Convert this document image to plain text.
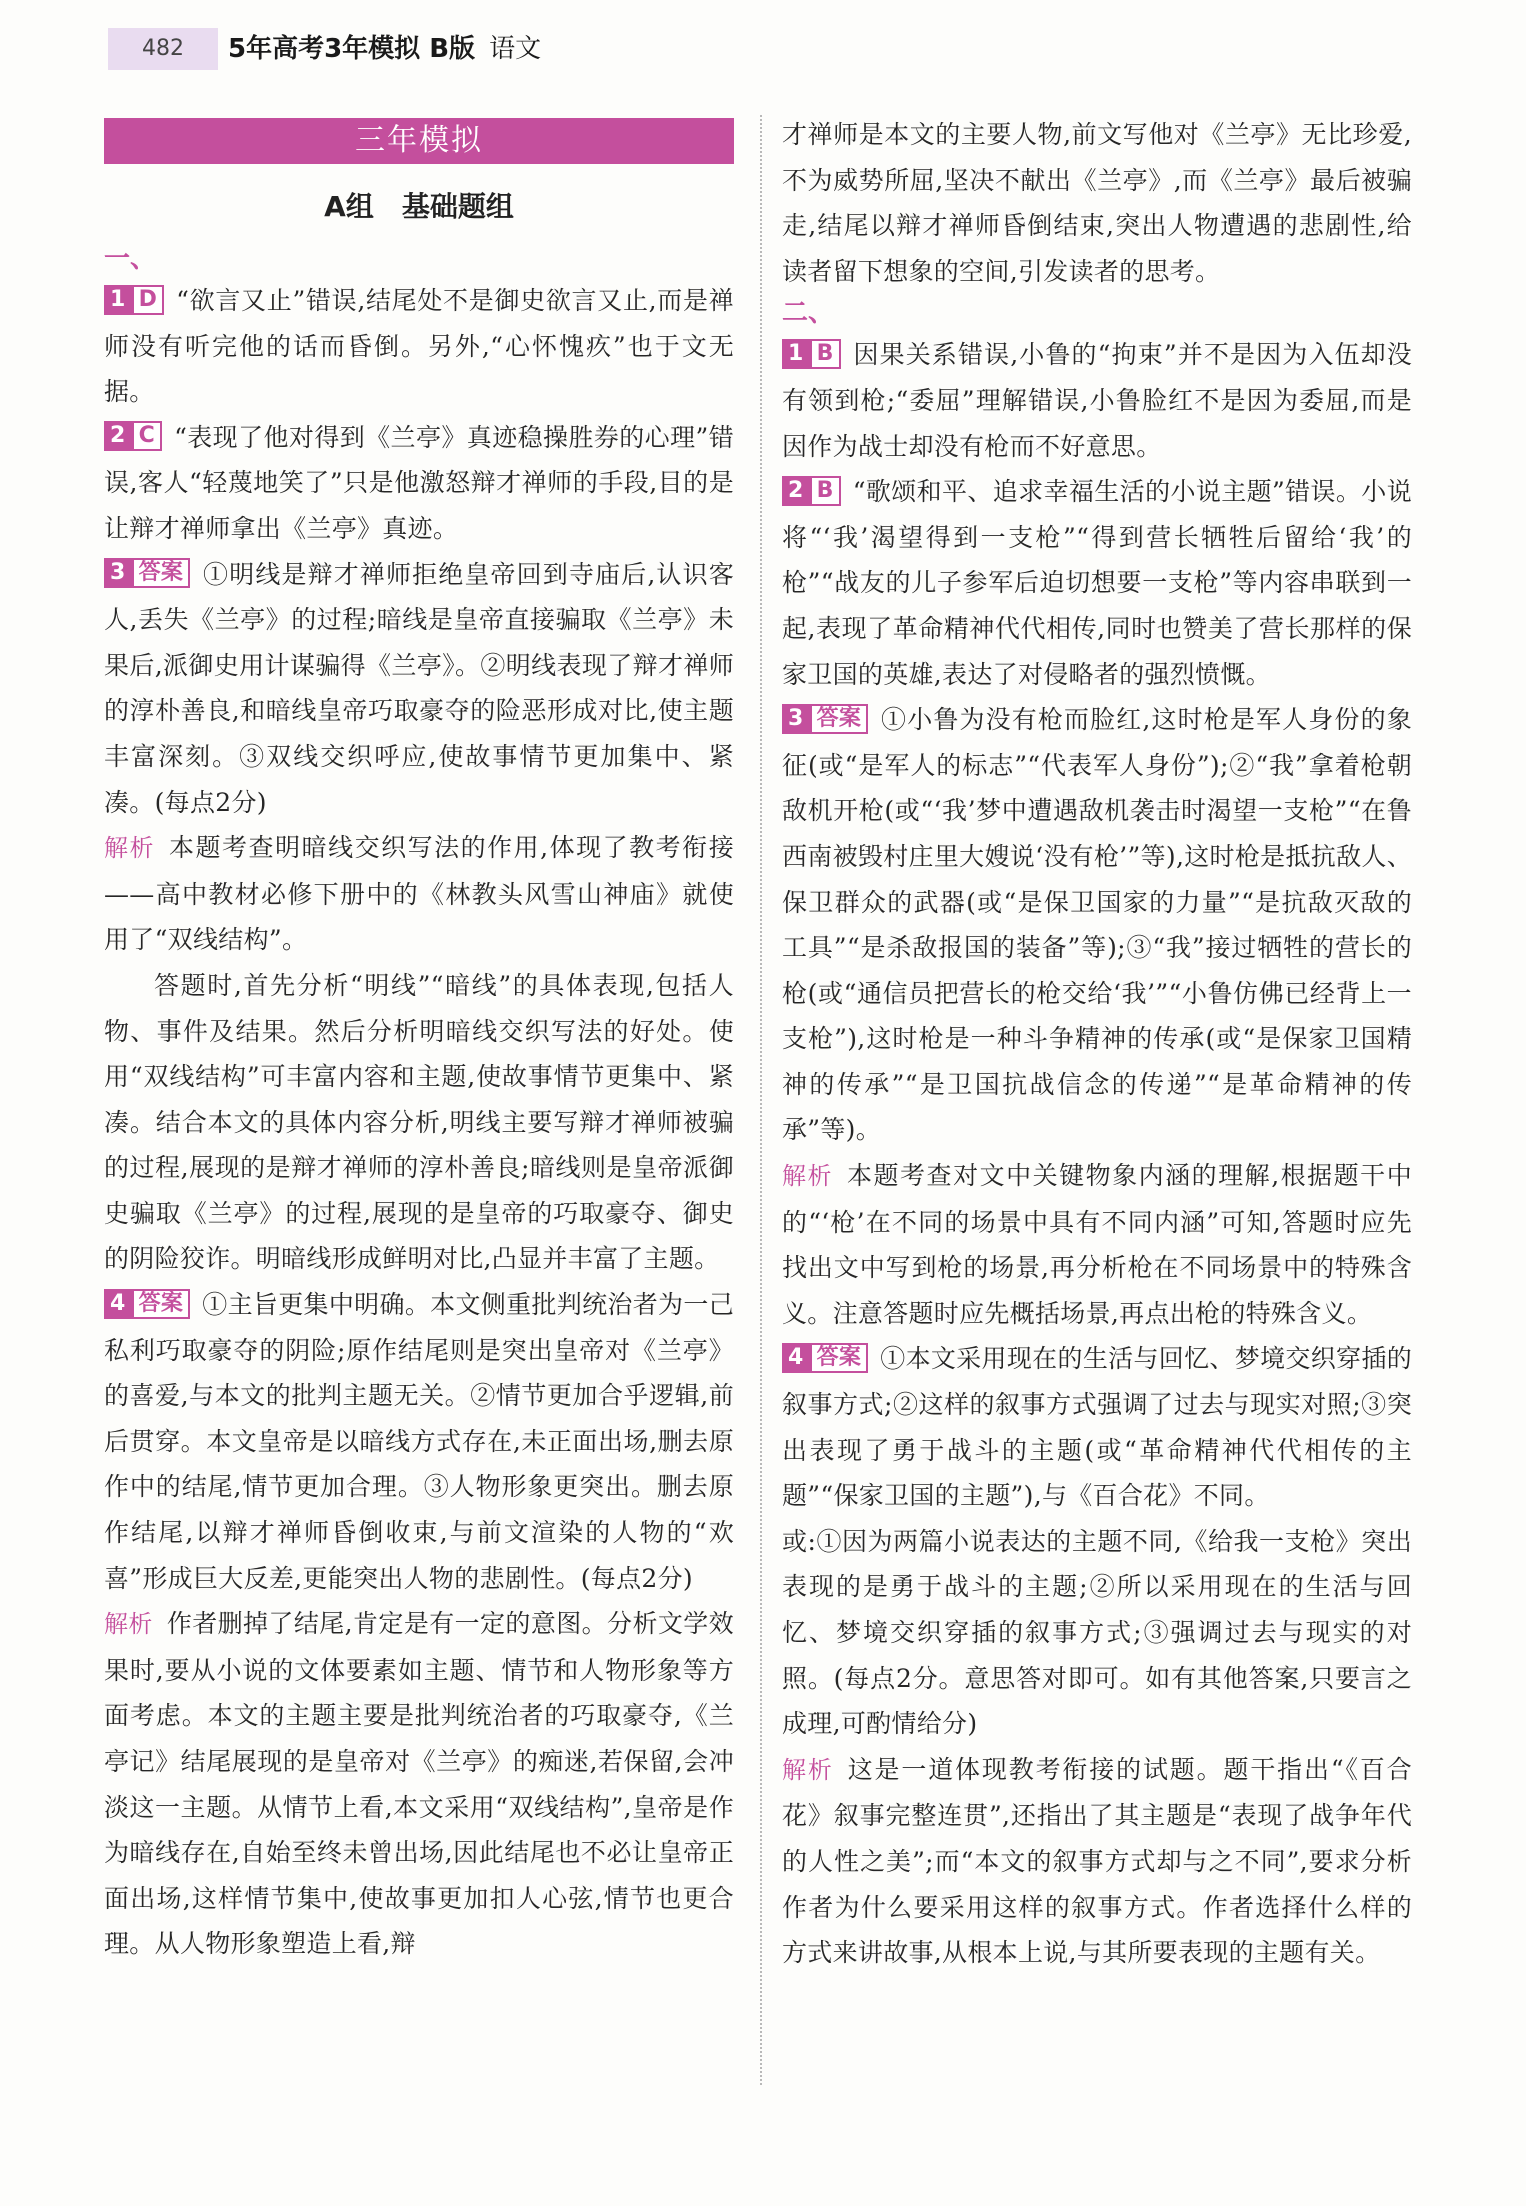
482	5年高考3年模拟 B版 语文
三年模拟
A组　基础题组
一、

1 D “欲言又止”错误,结尾处不是御史欲言又止,而是禅师没有听完他的话而昏倒。另外,“心怀愧疚”也于文无据。

2 C “表现了他对得到《兰亭》真迹稳操胜券的心理”错误,客人“轻蔑地笑了”只是他激怒辩才禅师的手段,目的是让辩才禅师拿出《兰亭》真迹。

3 答案 ①明线是辩才禅师拒绝皇帝回到寺庙后,认识客人,丢失《兰亭》的过程;暗线是皇帝直接骗取《兰亭》未果后,派御史用计谋骗得《兰亭》。②明线表现了辩才禅师的淳朴善良,和暗线皇帝巧取豪夺的险恶形成对比,使主题丰富深刻。③双线交织呼应,使故事情节更加集中、紧凑。(每点2分)

解析 本题考查明暗线交织写法的作用,体现了教考衔接——高中教材必修下册中的《林教头风雪山神庙》就使用了“双线结构”。

答题时,首先分析“明线”“暗线”的具体表现,包括人物、事件及结果。然后分析明暗线交织写法的好处。使用“双线结构”可丰富内容和主题,使故事情节更集中、紧凑。结合本文的具体内容分析,明线主要写辩才禅师被骗的过程,展现的是辩才禅师的淳朴善良;暗线则是皇帝派御史骗取《兰亭》的过程,展现的是皇帝的巧取豪夺、御史的阴险狡诈。明暗线形成鲜明对比,凸显并丰富了主题。

4 答案 ①主旨更集中明确。本文侧重批判统治者为一己私利巧取豪夺的阴险;原作结尾则是突出皇帝对《兰亭》的喜爱,与本文的批判主题无关。②情节更加合乎逻辑,前后贯穿。本文皇帝是以暗线方式存在,未正面出场,删去原作中的结尾,情节更加合理。③人物形象更突出。删去原作结尾,以辩才禅师昏倒收束,与前文渲染的人物的“欢喜”形成巨大反差,更能突出人物的悲剧性。(每点2分)

解析 作者删掉了结尾,肯定是有一定的意图。分析文学效果时,要从小说的文体要素如主题、情节和人物形象等方面考虑。本文的主题主要是批判统治者的巧取豪夺,《兰亭记》结尾展现的是皇帝对《兰亭》的痴迷,若保留,会冲淡这一主题。从情节上看,本文采用“双线结构”,皇帝是作为暗线存在,自始至终未曾出场,因此结尾也不必让皇帝正面出场,这样情节集中,使故事更加扣人心弦,情节也更合理。从人物形象塑造上看,辩

才禅师是本文的主要人物,前文写他对《兰亭》无比珍爱,不为威势所屈,坚决不献出《兰亭》,而《兰亭》最后被骗走,结尾以辩才禅师昏倒结束,突出人物遭遇的悲剧性,给读者留下想象的空间,引发读者的思考。

二、

1 B 因果关系错误,小鲁的“拘束”并不是因为入伍却没有领到枪;“委屈”理解错误,小鲁脸红不是因为委屈,而是因作为战士却没有枪而不好意思。

2 B “歌颂和平、追求幸福生活的小说主题”错误。小说将“‘我’渴望得到一支枪”“得到营长牺牲后留给‘我’的枪”“战友的儿子参军后迫切想要一支枪”等内容串联到一起,表现了革命精神代代相传,同时也赞美了营长那样的保家卫国的英雄,表达了对侵略者的强烈愤慨。

3 答案 ①小鲁为没有枪而脸红,这时枪是军人身份的象征(或“是军人的标志”“代表军人身份”);②“我”拿着枪朝敌机开枪(或“‘我’梦中遭遇敌机袭击时渴望一支枪”“在鲁西南被毁村庄里大嫂说‘没有枪’”等),这时枪是抵抗敌人、保卫群众的武器(或“是保卫国家的力量”“是抗敌灭敌的工具”“是杀敌报国的装备”等);③“我”接过牺牲的营长的枪(或“通信员把营长的枪交给‘我’”“小鲁仿佛已经背上一支枪”),这时枪是一种斗争精神的传承(或“是保家卫国精神的传承”“是卫国抗战信念的传递”“是革命精神的传承”等)。

解析 本题考查对文中关键物象内涵的理解,根据题干中的“‘枪’在不同的场景中具有不同内涵”可知,答题时应先找出文中写到枪的场景,再分析枪在不同场景中的特殊含义。注意答题时应先概括场景,再点出枪的特殊含义。

4 答案 ①本文采用现在的生活与回忆、梦境交织穿插的叙事方式;②这样的叙事方式强调了过去与现实对照;③突出表现了勇于战斗的主题(或“革命精神代代相传的主题”“保家卫国的主题”),与《百合花》不同。

或:①因为两篇小说表达的主题不同,《给我一支枪》突出表现的是勇于战斗的主题;②所以采用现在的生活与回忆、梦境交织穿插的叙事方式;③强调过去与现实的对照。(每点2分。意思答对即可。如有其他答案,只要言之成理,可酌情给分)

解析 这是一道体现教考衔接的试题。题干指出“《百合花》叙事完整连贯”,还指出了其主题是“表现了战争年代的人性之美”;而“本文的叙事方式却与之不同”,要求分析作者为什么要采用这样的叙事方式。作者选择什么样的方式来讲故事,从根本上说,与其所要表现的主题有关。
